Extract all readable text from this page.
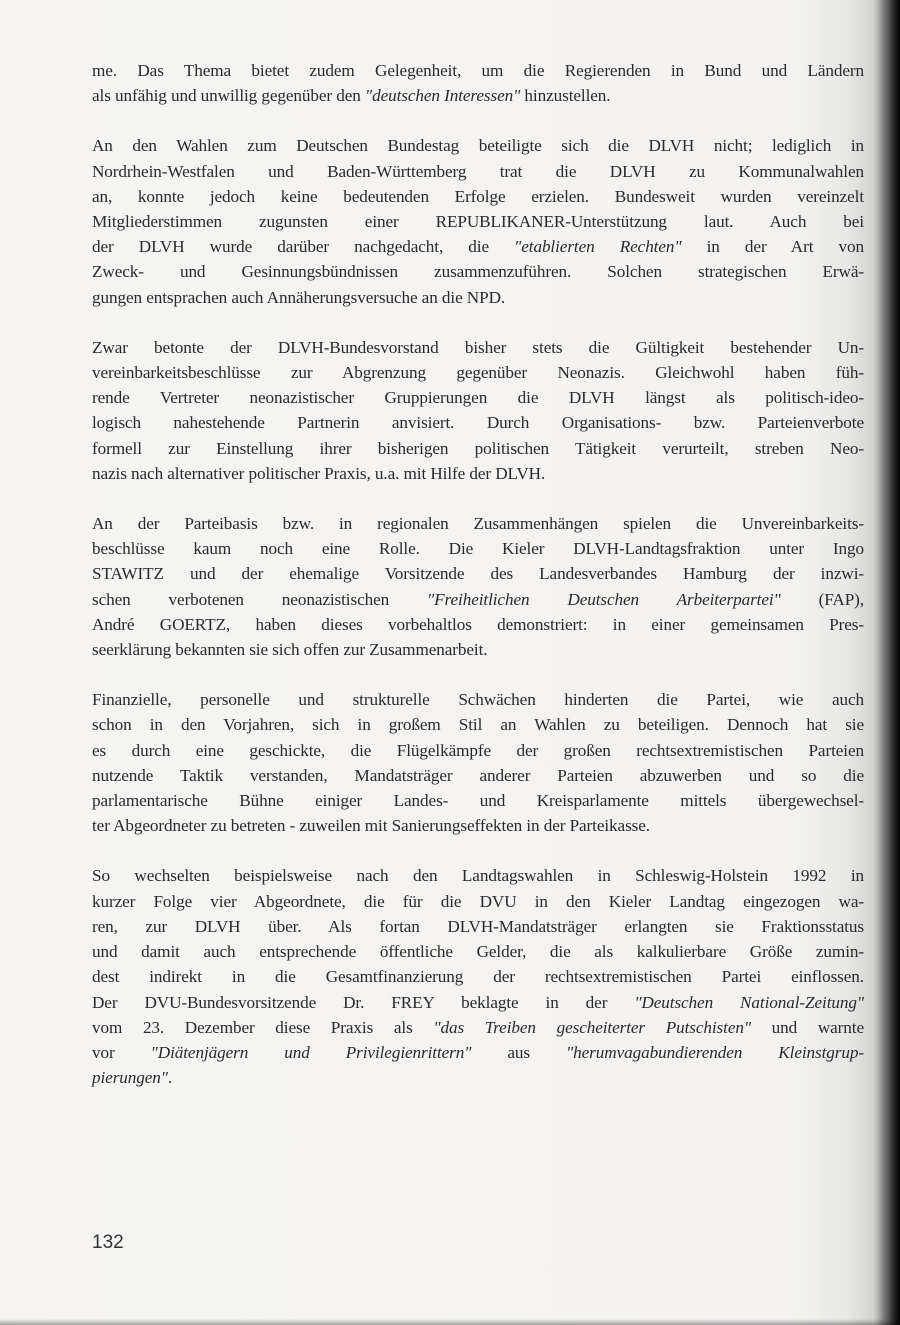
me. Das Thema bietet zudem Gelegenheit, um die Regierenden in Bund und Ländern
als unfähig und unwillig gegenüber den "deutschen Interessen" hinzustellen.

An den Wahlen zum Deutschen Bundestag beteiligte sich die DLVH nicht; lediglich in
Nordrhein-Westfalen und Baden-Württemberg trat die DLVH zu Kommunalwahlen
an, konnte jedoch keine bedeutenden Erfolge erzielen. Bundesweit wurden vereinzelt
Mitgliederstimmen zugunsten einer REPUBLIKANER-Unterstützung laut. Auch bei
der DLVH wurde darüber nachgedacht, die "etablierten Rechten" in der Art von
Zweck- und Gesinnungsbündnissen zusammenzuführen. Solchen strategischen Erwä-
gungen entsprachen auch Annäherungsversuche an die NPD.

Zwar betonte der DLVH-Bundesvorstand bisher stets die Gültigkeit bestehender Un-
vereinbarkeitsbeschlüsse zur Abgrenzung gegenüber Neonazis. Gleichwohl haben füh-
rende Vertreter neonazistischer Gruppierungen die DLVH längst als politisch-ideo-
logisch nahestehende Partnerin anvisiert. Durch Organisations- bzw. Parteienverbote
formell zur Einstellung ihrer bisherigen politischen Tätigkeit verurteilt, streben Neo-
nazis nach alternativer politischer Praxis, u.a. mit Hilfe der DLVH.

An der Parteibasis bzw. in regionalen Zusammenhängen spielen die Unvereinbarkeits-
beschlüsse kaum noch eine Rolle. Die Kieler DLVH-Landtagsfraktion unter Ingo
STAWITZ und der ehemalige Vorsitzende des Landesverbandes Hamburg der inzwi-
schen verbotenen neonazistischen "Freiheitlichen Deutschen Arbeiterpartei" (FAP),
André GOERTZ, haben dieses vorbehaltlos demonstriert: in einer gemeinsamen Pres-
seerklärung bekannten sie sich offen zur Zusammenarbeit.

Finanzielle, personelle und strukturelle Schwächen hinderten die Partei, wie auch
schon in den Vorjahren, sich in großem Stil an Wahlen zu beteiligen. Dennoch hat sie
es durch eine geschickte, die Flügelkämpfe der großen rechtsextremistischen Parteien
nutzende Taktik verstanden, Mandatsträger anderer Parteien abzuwerben und so die
parlamentarische Bühne einiger Landes- und Kreisparlamente mittels übergewechsel-
ter Abgeordneter zu betreten - zuweilen mit Sanierungseffekten in der Parteikasse.

So wechselten beispielsweise nach den Landtagswahlen in Schleswig-Holstein 1992 in
kurzer Folge vier Abgeordnete, die für die DVU in den Kieler Landtag eingezogen wa-
ren, zur DLVH über. Als fortan DLVH-Mandatsträger erlangten sie Fraktionsstatus
und damit auch entsprechende öffentliche Gelder, die als kalkulierbare Größe zumin-
dest indirekt in die Gesamtfinanzierung der rechtsextremistischen Partei einflossen.
Der DVU-Bundesvorsitzende Dr. FREY beklagte in der "Deutschen National-Zeitung"
vom 23. Dezember diese Praxis als "das Treiben gescheiterter Putschisten" und warnte
vor "Diätenjägern und Privilegienrittern" aus "herumvagabundierenden Kleinstgrup-
pierungen".

132
